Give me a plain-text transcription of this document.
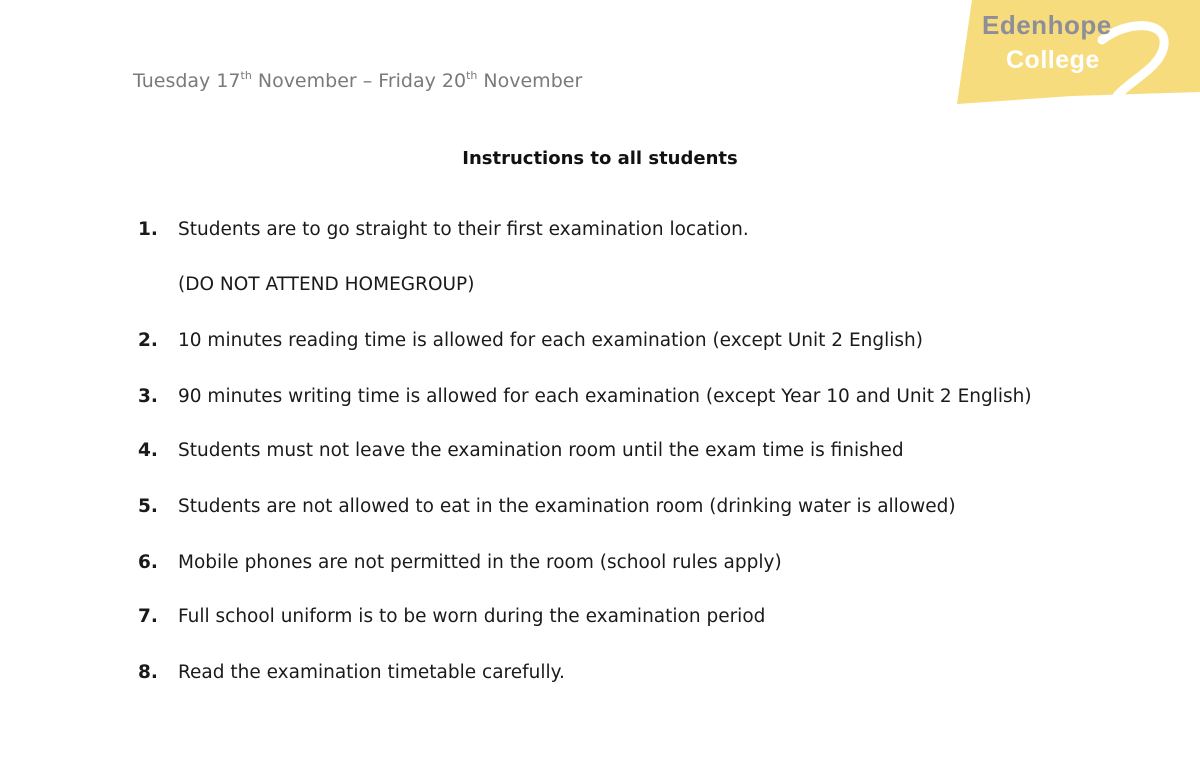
Edenhope
College
Tuesday 17th November – Friday 20th November
Instructions to all students
1. Students are to go straight to their first examination location.
(DO NOT ATTEND HOMEGROUP)
2. 10 minutes reading time is allowed for each examination (except Unit 2 English)
3. 90 minutes writing time is allowed for each examination (except Year 10 and Unit 2 English)
4. Students must not leave the examination room until the exam time is finished
5. Students are not allowed to eat in the examination room (drinking water is allowed)
6. Mobile phones are not permitted in the room (school rules apply)
7. Full school uniform is to be worn during the examination period
8. Read the examination timetable carefully.
